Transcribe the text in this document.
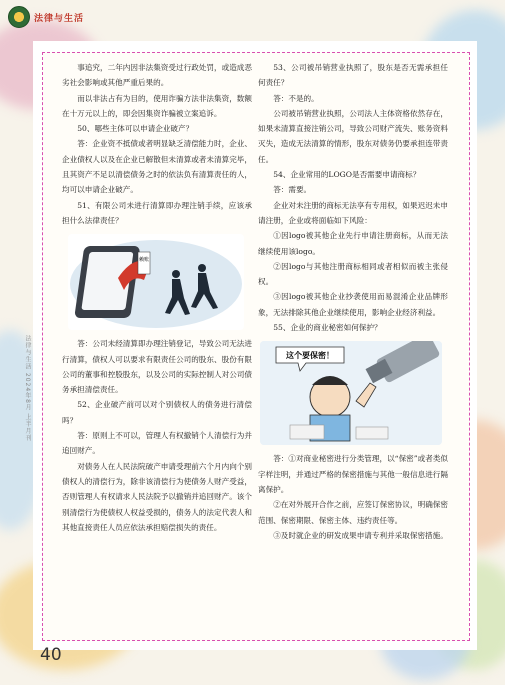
法律与生活
法律与生活 2024年8月 上半月刊

事追究，二年内因非法集资受过行政处罚，或造成恶劣社会影响或其他严重后果的。

而以非法占有为目的，使用诈骗方法非法集资，数额在十万元以上的，即会因集资诈骗被立案追诉。

50、哪些主体可以申请企业破产？

答：企业资不抵债或者明显缺乏清偿能力时，企业、企业债权人以及在企业已解散但未清算或者未清算完毕，且其资产不足以清偿债务之时的依法负有清算责任的人，均可以申请企业破产。

51、有限公司未进行清算即办理注销手续，应该承担什么法律责任？

赖账

答：公司未经清算即办理注销登记，导致公司无法进行清算，债权人可以要求有限责任公司的股东、股份有限公司的董事和控股股东，以及公司的实际控制人对公司债务承担清偿责任。

52、企业破产前可以对个别债权人的债务进行清偿吗？

答：原则上不可以，管理人有权撤销个人清偿行为并追回财产。

对债务人在人民法院破产申请受理前六个月内向个别债权人的清偿行为，除非该清偿行为使债务人财产受益，否则管理人有权请求人民法院予以撤销并追回财产。该个别清偿行为使债权人权益受损的，债务人的法定代表人和其他直接责任人员应依法承担赔偿损失的责任。

53、公司被吊销营业执照了，股东是否无需承担任何责任？

答：不是的。

公司被吊销营业执照，公司法人主体资格依然存在，如果未清算直接注销公司，导致公司财产流失、账务资料灭失，造成无法清算的情形，股东对债务仍要承担连带责任。

54、企业常用的LOGO是否需要申请商标？

答：需要。

企业对未注册的商标无法享有专用权，如果迟迟未申请注册，企业或将面临如下风险：

①因logo被其他企业先行申请注册商标，从而无法继续使用该logo。

②因logo与其他注册商标相同或者相似而被主张侵权。

③因logo被其他企业抄袭使用而易混淆企业品牌形象，无法排除其他企业继续使用，影响企业经济利益。

55、企业的商业秘密如何保护？

这个要保密！

答：①对商业秘密进行分类管理，以“保密”或者类似字样注明，并通过严格的保密措施与其他一般信息进行隔离保护。

②在对外展开合作之前，应签订保密协议，明确保密范围、保密期限、保密主体、违约责任等。

③及时就企业的研发成果申请专利并采取保密措施。

40
